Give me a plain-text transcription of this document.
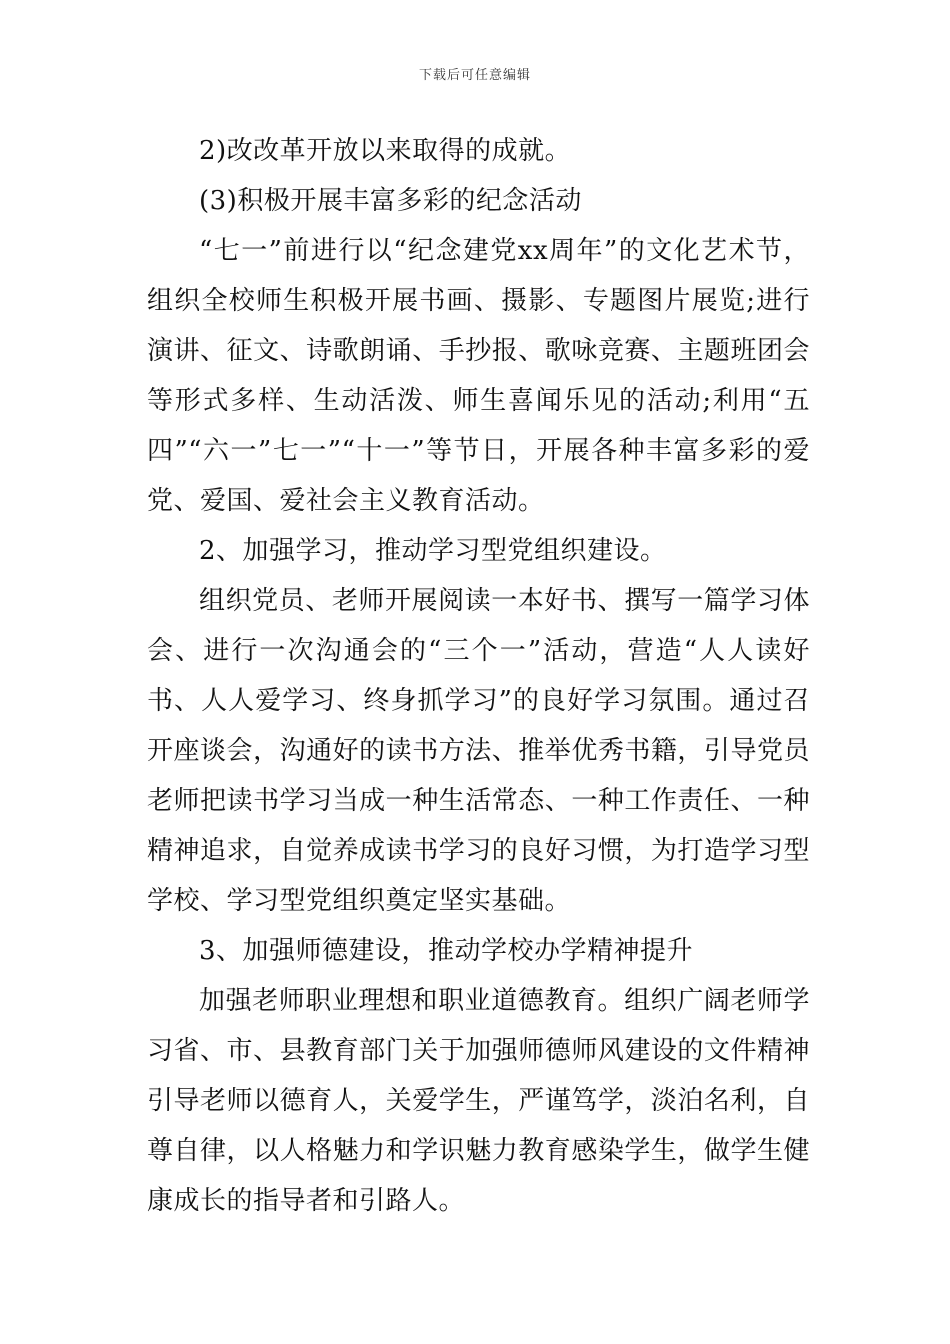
下载后可任意编辑

2)改改革开放以来取得的成就。

(3)积极开展丰富多彩的纪念活动

“七一”前进行以“纪念建党xx周年”的文化艺术节，组织全校师生积极开展书画、摄影、专题图片展览;进行演讲、征文、诗歌朗诵、手抄报、歌咏竞赛、主题班团会等形式多样、生动活泼、师生喜闻乐见的活动;利用“五四”“六一”七一”“十一”等节日，开展各种丰富多彩的爱党、爱国、爱社会主义教育活动。

2、加强学习，推动学习型党组织建设。

组织党员、老师开展阅读一本好书、撰写一篇学习体会、进行一次沟通会的“三个一”活动，营造“人人读好书、人人爱学习、终身抓学习”的良好学习氛围。通过召开座谈会，沟通好的读书方法、推举优秀书籍，引导党员老师把读书学习当成一种生活常态、一种工作责任、一种精神追求，自觉养成读书学习的良好习惯，为打造学习型学校、学习型党组织奠定坚实基础。

3、加强师德建设，推动学校办学精神提升

加强老师职业理想和职业道德教育。组织广阔老师学习省、市、县教育部门关于加强师德师风建设的文件精神引导老师以德育人，关爱学生，严谨笃学，淡泊名利，自尊自律，以人格魅力和学识魅力教育感染学生，做学生健康成长的指导者和引路人。
